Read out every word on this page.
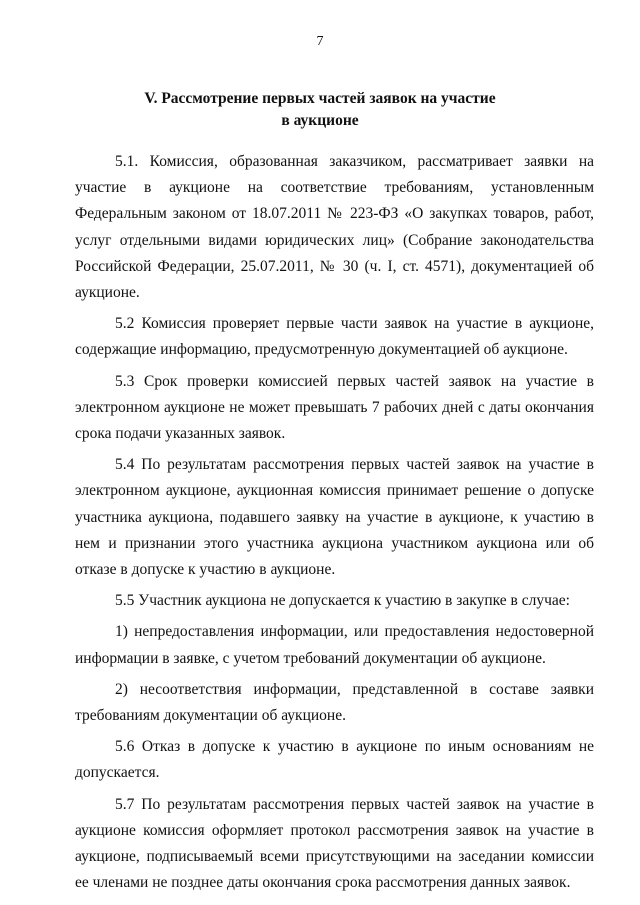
7
V. Рассмотрение первых частей заявок на участие
в аукционе

5.1. Комиссия, образованная заказчиком, рассматривает заявки на участие в аукционе на соответствие требованиям, установленным Федеральным законом от 18.07.2011 № 223-ФЗ «О закупках товаров, работ, услуг отдельными видами юридических лиц» (Собрание законодательства Российской Федерации, 25.07.2011, № 30 (ч. I, ст. 4571), документацией об аукционе.

5.2 Комиссия проверяет первые части заявок на участие в аукционе, содержащие информацию, предусмотренную документацией об аукционе.

5.3 Срок проверки комиссией первых частей заявок на участие в электронном аукционе не может превышать 7 рабочих дней с даты окончания срока подачи указанных заявок.

5.4 По результатам рассмотрения первых частей заявок на участие в электронном аукционе, аукционная комиссия принимает решение о допуске участника аукциона, подавшего заявку на участие в аукционе, к участию в нем и признании этого участника аукциона участником аукциона или об отказе в допуске к участию в аукционе.

5.5 Участник аукциона не допускается к участию в закупке в случае:

1) непредоставления информации, или предоставления недостоверной информации в заявке, с учетом требований документации об аукционе.

2) несоответствия информации, представленной в составе заявки требованиям документации об аукционе.

5.6 Отказ в допуске к участию в аукционе по иным основаниям не допускается.

5.7 По результатам рассмотрения первых частей заявок на участие в аукционе комиссия оформляет протокол рассмотрения заявок на участие в аукционе, подписываемый всеми присутствующими на заседании комиссии ее членами не позднее даты окончания срока рассмотрения данных заявок.
